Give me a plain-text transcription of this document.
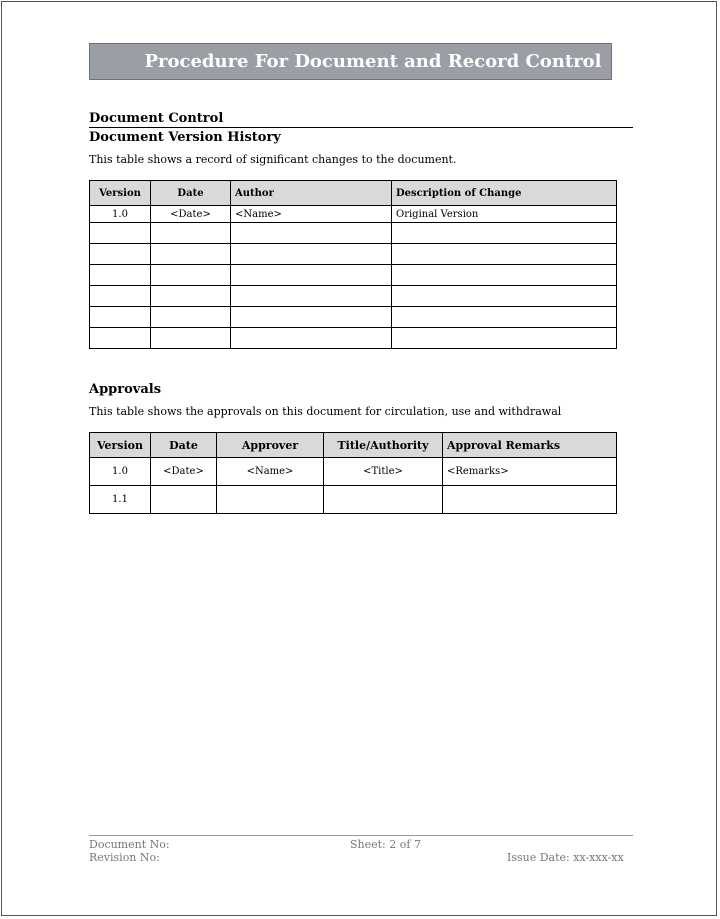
Procedure For Document and Record Control
Document Control
Document Version History
This table shows a record of significant changes to the document.
Version	Date	Author	Description of Change
1.0	<Date>	<Name>	Original Version

Approvals
This table shows the approvals on this document for circulation, use and withdrawal
Version	Date	Approver	Title/Authority	Approval Remarks
1.0	<Date>	<Name>	<Title>	<Remarks>
1.1				
Document No:
Revision No:
Sheet: 2 of 7
Issue Date: xx-xxx-xx
